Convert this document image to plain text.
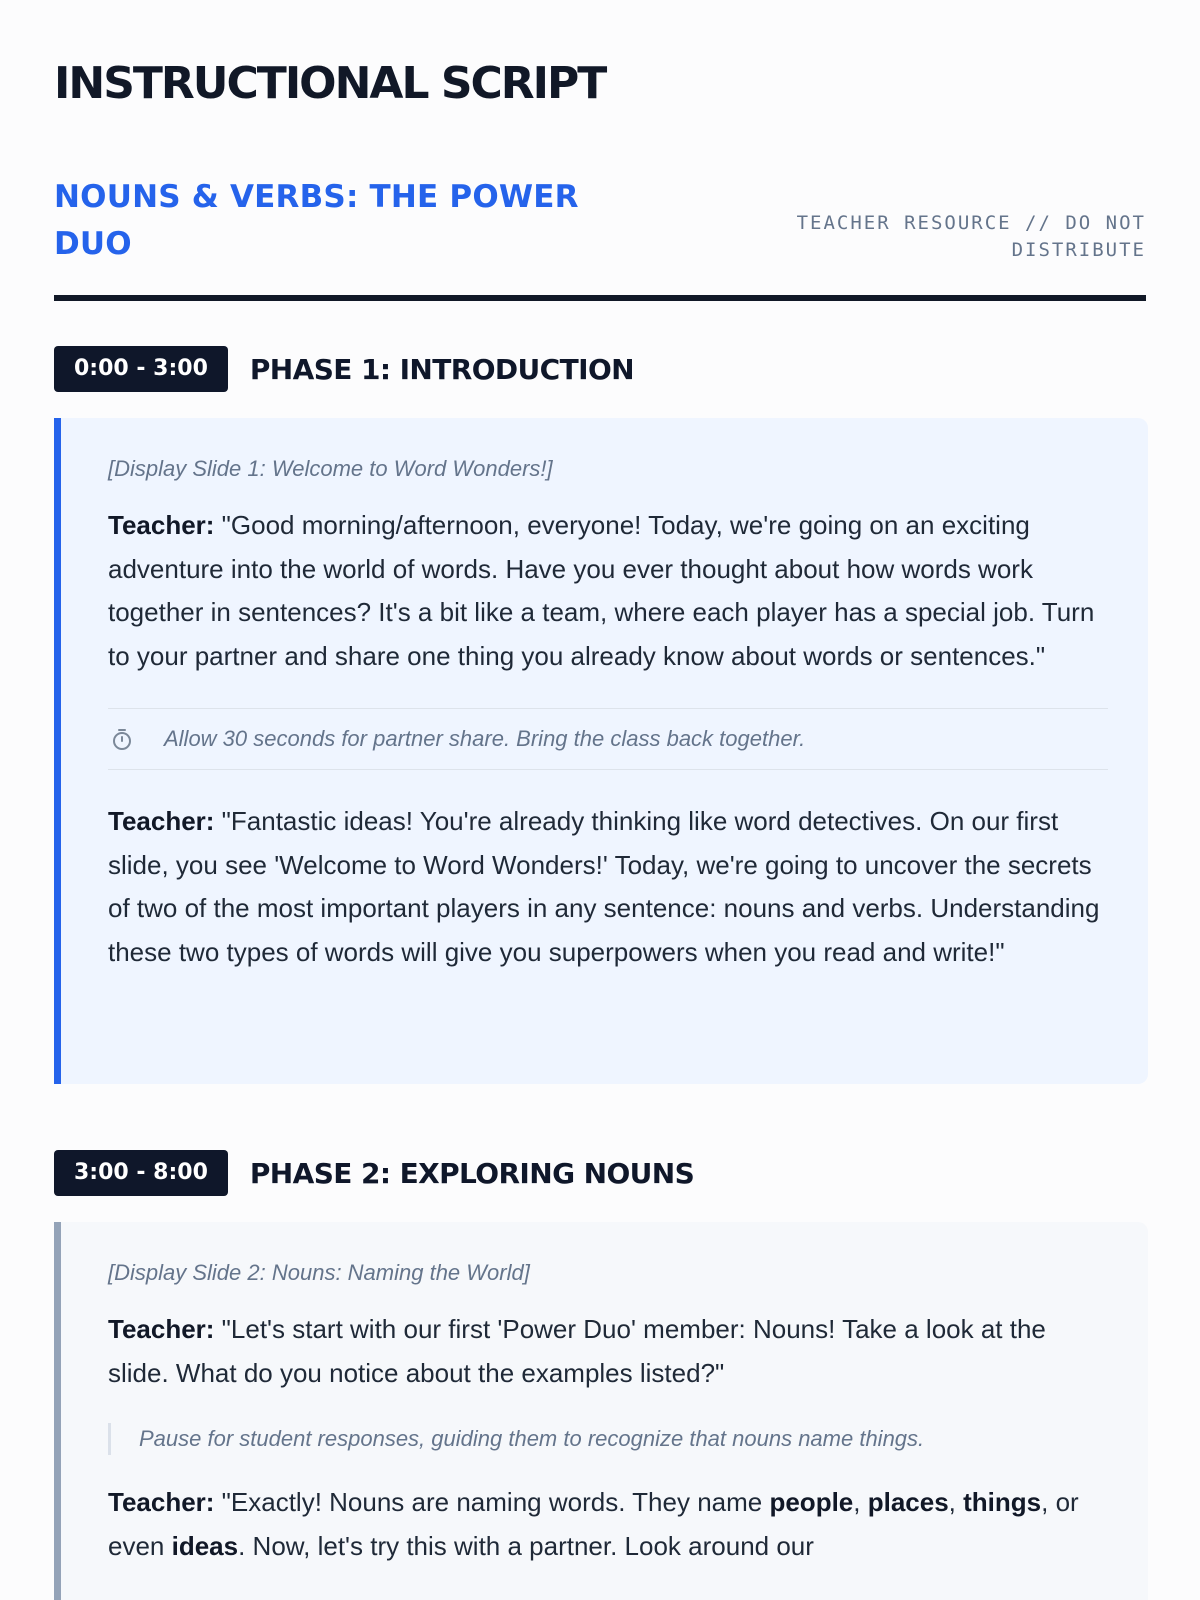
INSTRUCTIONAL SCRIPT
NOUNS & VERBS: THE POWER DUO
TEACHER RESOURCE // DO NOT DISTRIBUTE
0:00 - 3:00	PHASE 1: INTRODUCTION

[Display Slide 1: Welcome to Word Wonders!]

Teacher: "Good morning/afternoon, everyone! Today, we're going on an exciting adventure into the world of words. Have you ever thought about how words work together in sentences? It's a bit like a team, where each player has a special job. Turn to your partner and share one thing you already know about words or sentences."

Allow 30 seconds for partner share. Bring the class back together.

Teacher: "Fantastic ideas! You're already thinking like word detectives. On our first slide, you see 'Welcome to Word Wonders!' Today, we're going to uncover the secrets of two of the most important players in any sentence: nouns and verbs. Understanding these two types of words will give you superpowers when you read and write!"

3:00 - 8:00	PHASE 2: EXPLORING NOUNS

[Display Slide 2: Nouns: Naming the World]

Teacher: "Let's start with our first 'Power Duo' member: Nouns! Take a look at the slide. What do you notice about the examples listed?"

Pause for student responses, guiding them to recognize that nouns name things.

Teacher: "Exactly! Nouns are naming words. They name people, places, things, or even ideas. Now, let's try this with a partner. Look around our
